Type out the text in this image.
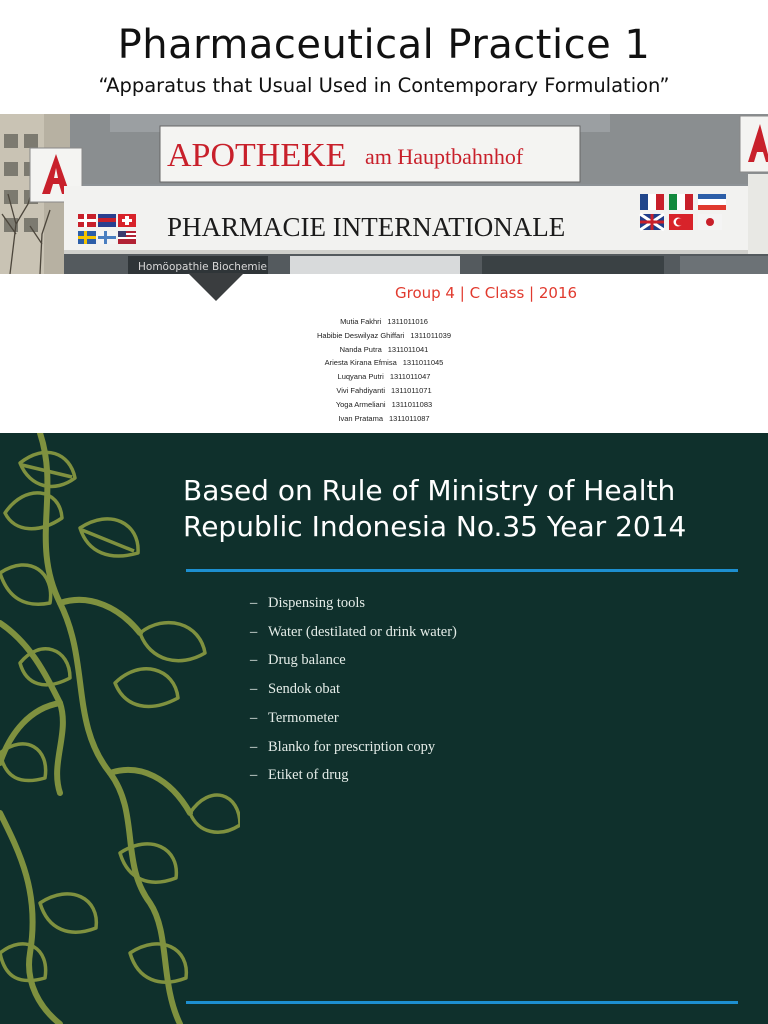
Pharmaceutical Practice 1
“Apparatus that Usual Used in Contemporary Formulation”
APOTHEKE am Hauptbahnhof
PHARMACIE INTERNATIONALE
Homöopathie Biochemie
Group 4 | C Class | 2016
Mutia Fakhri 1311011016
Habibie Deswilyaz Ghiffari 1311011039
Nanda Putra 1311011041
Ariesta Kirana Efmisa 1311011045
Luqyana Putri 1311011047
Vivi Fahdiyanti 1311011071
Yoga Armeliani 1311011083
Ivan Pratama 1311011087
Based on Rule of Ministry of Health
Republic Indonesia No.35 Year 2014
– Dispensing tools
– Water (destilated or drink water)
– Drug balance
– Sendok obat
– Termometer
– Blanko for prescription copy
– Etiket of drug
